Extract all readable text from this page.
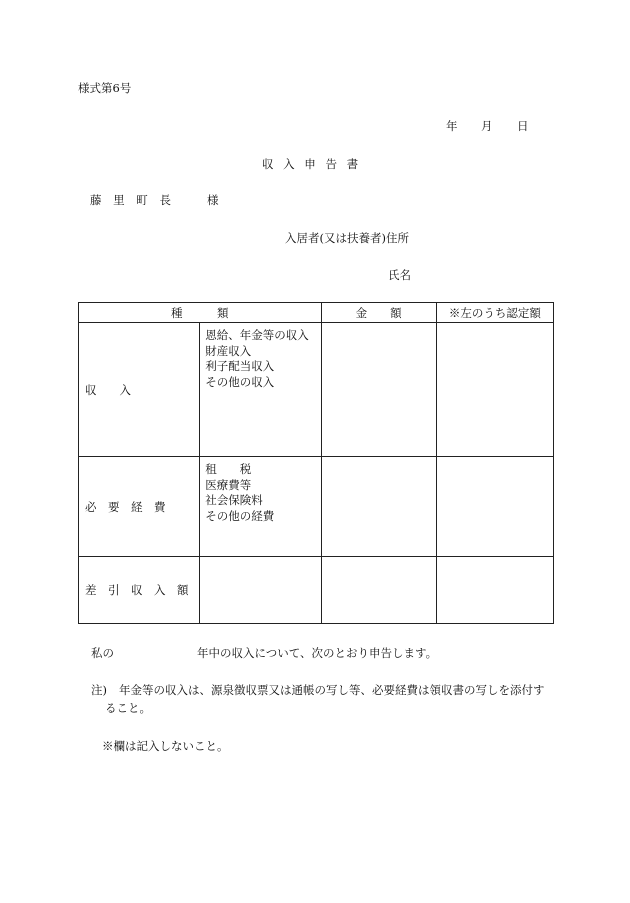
様式第6号
年 月 日
収 入 申 告 書
藤 里 町 長	様
入居者(又は扶養者)住所
氏名
種　　　類		金　　額	※左のうち認定額

収　　入	恩給、年金等の収入
財産収入
利子配当収入
その他の収入		

必　要　経　費	租　　税
医療費等
社会保険料
その他の経費		

差　引　収　入　額			
私の	年中の収入について、次のとおり申告します。
注) 年金等の収入は、源泉徴収票又は通帳の写し等、必要経費は領収書の写しを添付す
ること。
※欄は記入しないこと。
